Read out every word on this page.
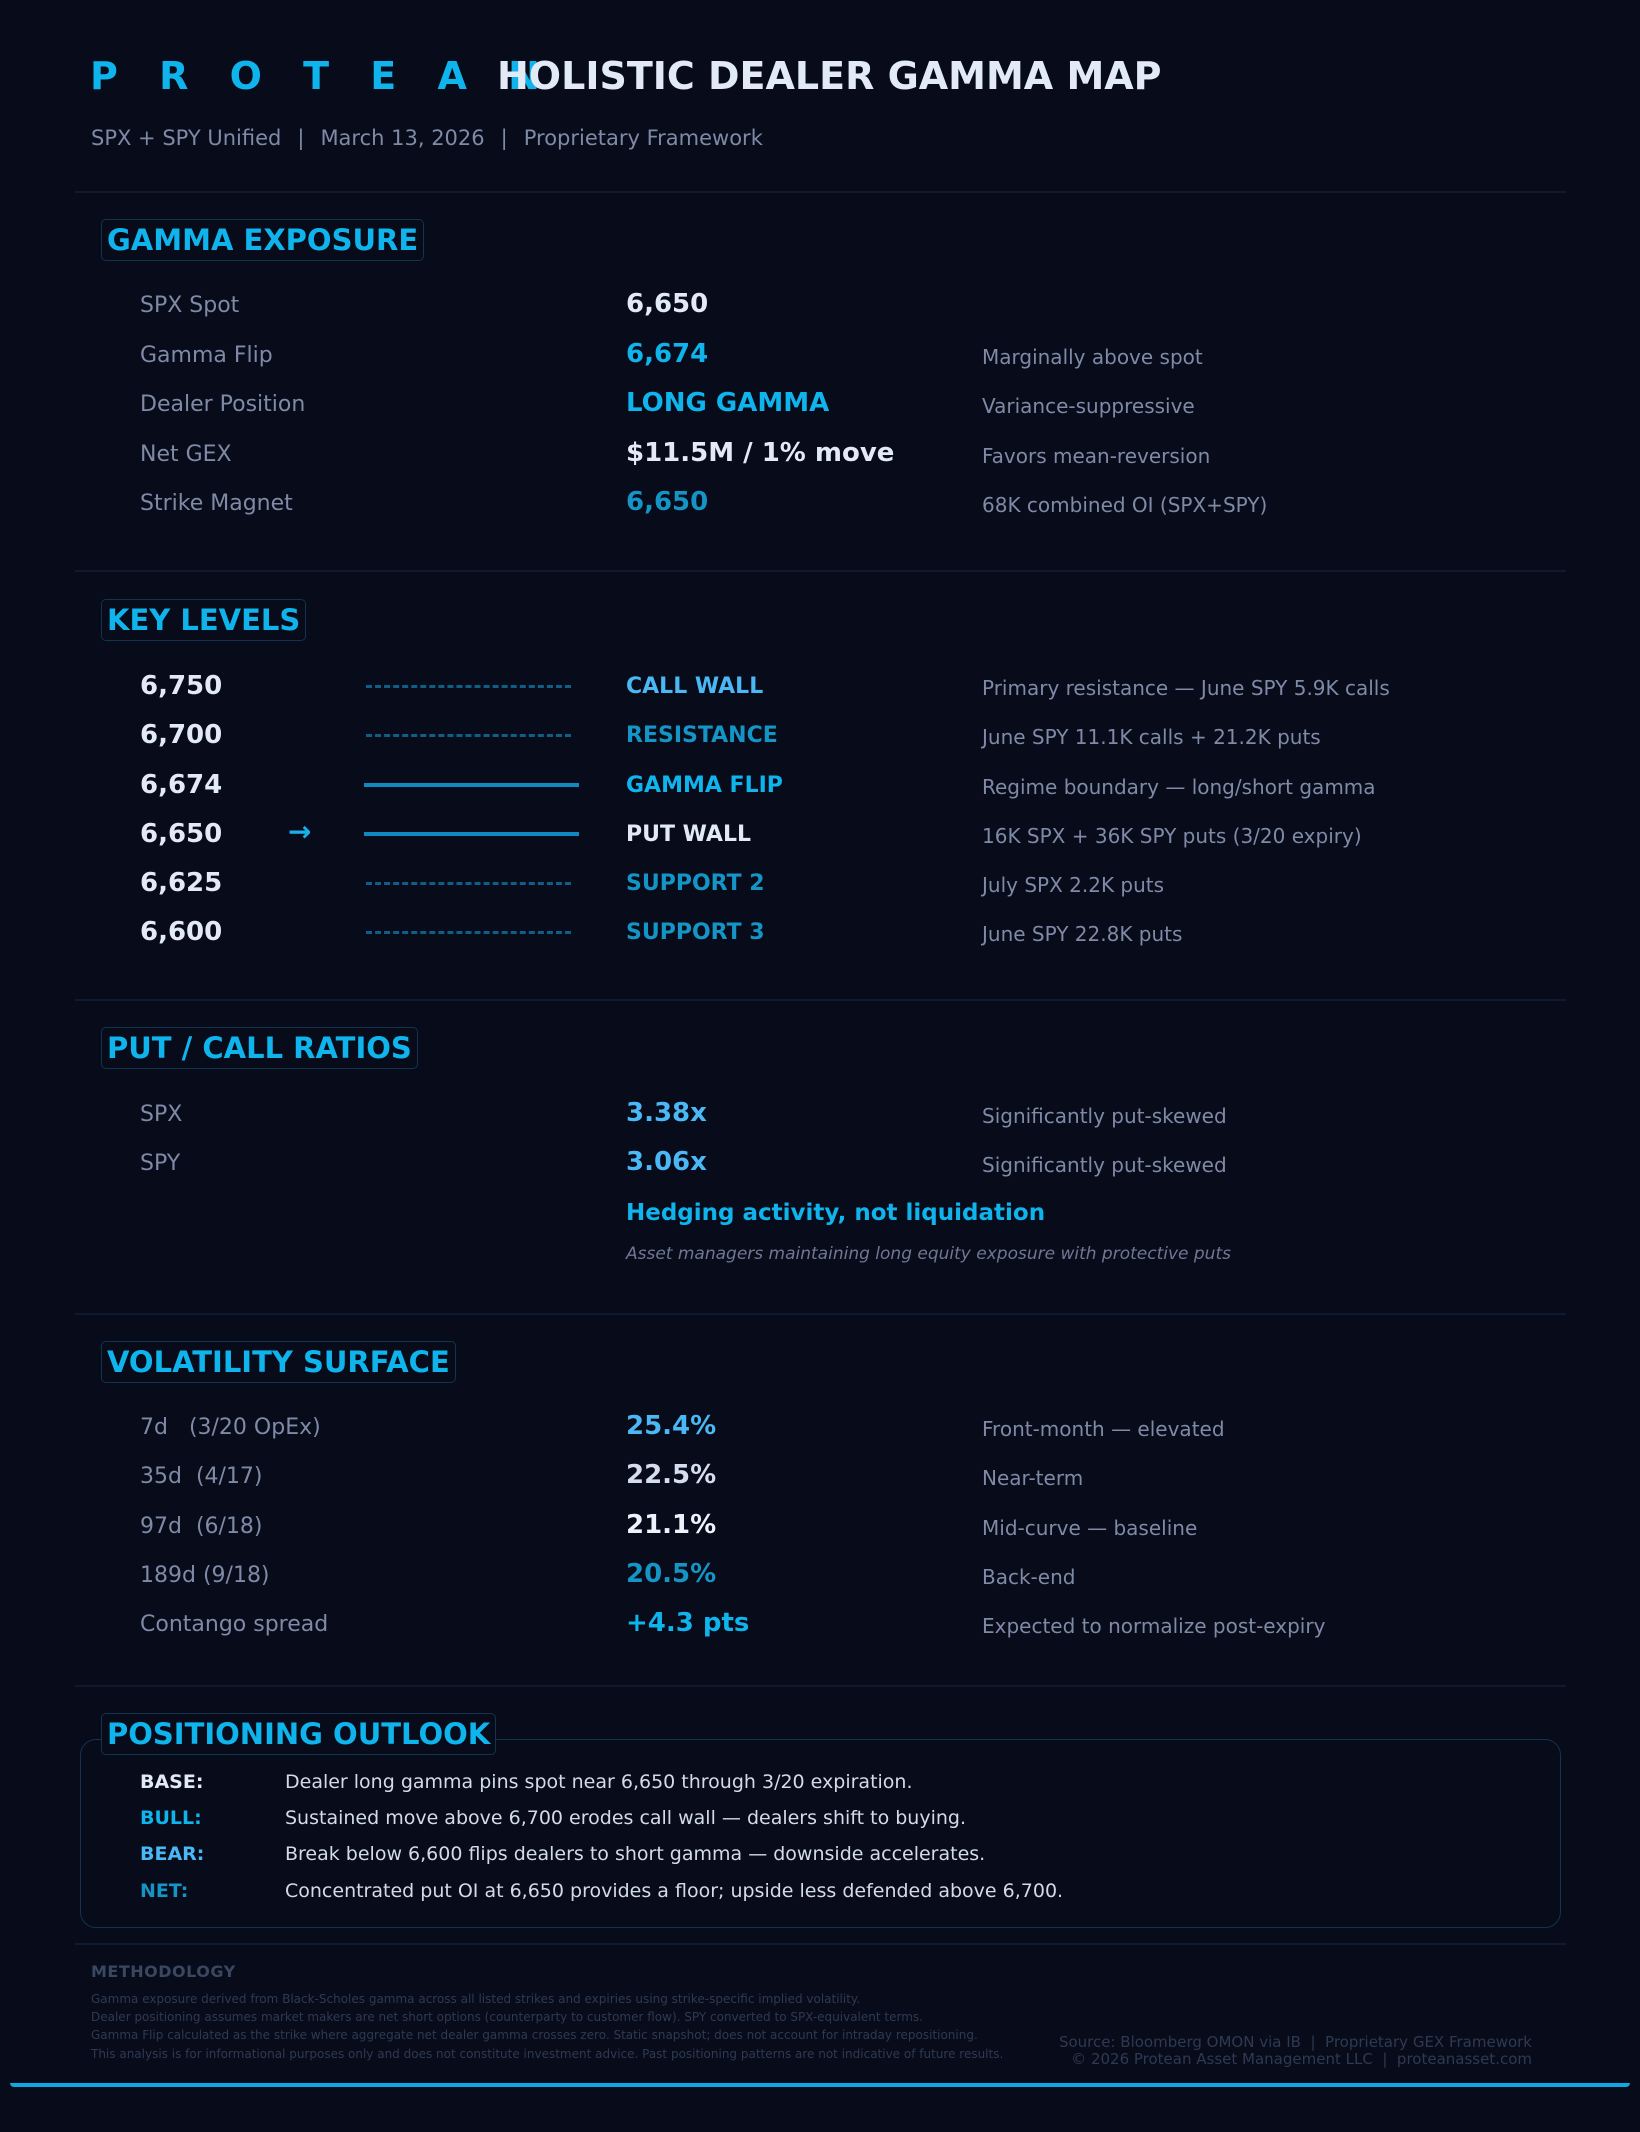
P R O T E A N
HOLISTIC DEALER GAMMA MAP
SPX + SPY Unified | March 13, 2026 | Proprietary Framework
GAMMA EXPOSURE
SPX Spot	6,650
Gamma Flip	6,674	Marginally above spot
Dealer Position	LONG GAMMA	Variance-suppressive
Net GEX	$11.5M / 1% move	Favors mean-reversion
Strike Magnet	6,650	68K combined OI (SPX+SPY)
KEY LEVELS
6,750	CALL WALL	Primary resistance — June SPY 5.9K calls
6,700	RESISTANCE	June SPY 11.1K calls + 21.2K puts
6,674	GAMMA FLIP	Regime boundary — long/short gamma
6,650 →	PUT WALL	16K SPX + 36K SPY puts (3/20 expiry)
6,625	SUPPORT 2	July SPX 2.2K puts
6,600	SUPPORT 3	June SPY 22.8K puts
PUT / CALL RATIOS
SPX	3.38x	Significantly put-skewed
SPY	3.06x	Significantly put-skewed
Hedging activity, not liquidation
Asset managers maintaining long equity exposure with protective puts
VOLATILITY SURFACE
7d   (3/20 OpEx)	25.4%	Front-month — elevated
35d  (4/17)	22.5%	Near-term
97d  (6/18)	21.1%	Mid-curve — baseline
189d (9/18)	20.5%	Back-end
Contango spread	+4.3 pts	Expected to normalize post-expiry
POSITIONING OUTLOOK
BASE:	Dealer long gamma pins spot near 6,650 through 3/20 expiration.
BULL:	Sustained move above 6,700 erodes call wall — dealers shift to buying.
BEAR:	Break below 6,600 flips dealers to short gamma — downside accelerates.
NET:	Concentrated put OI at 6,650 provides a floor; upside less defended above 6,700.
METHODOLOGY
Gamma exposure derived from Black-Scholes gamma across all listed strikes and expiries using strike-specific implied volatility.
Dealer positioning assumes market makers are net short options (counterparty to customer flow). SPY converted to SPX-equivalent terms.
Gamma Flip calculated as the strike where aggregate net dealer gamma crosses zero. Static snapshot; does not account for intraday repositioning.
This analysis is for informational purposes only and does not constitute investment advice. Past positioning patterns are not indicative of future results.
Source: Bloomberg OMON via IB  |  Proprietary GEX Framework
© 2026 Protean Asset Management LLC  |  proteanasset.com
